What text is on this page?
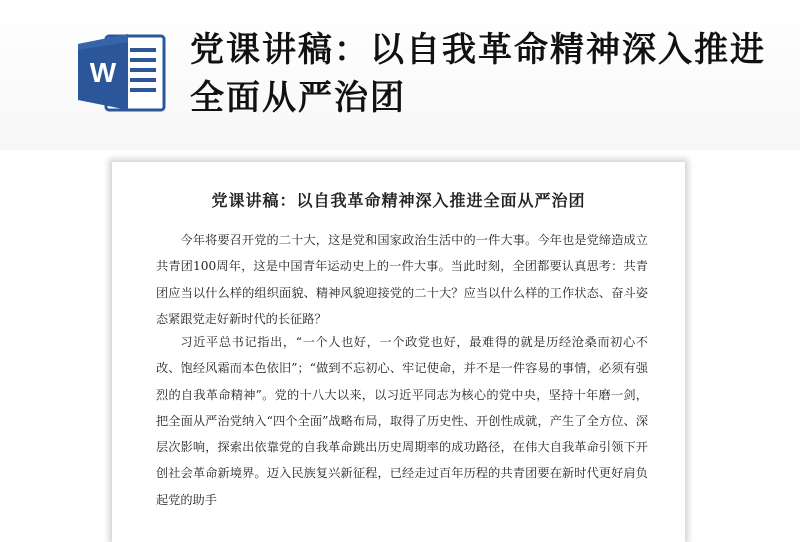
W
党课讲稿：以自我革命精神深入推进全面从严治团
党课讲稿：以自我革命精神深入推进全面从严治团

今年将要召开党的二十大，这是党和国家政治生活中的一件大事。今年也是党缔造成立共青团100周年，这是中国青年运动史上的一件大事。当此时刻，全团都要认真思考：共青团应当以什么样的组织面貌、精神风貌迎接党的二十大？应当以什么样的工作状态、奋斗姿态紧跟党走好新时代的长征路？

习近平总书记指出，“一个人也好，一个政党也好，最难得的就是历经沧桑而初心不改、饱经风霜而本色依旧”；“做到不忘初心、牢记使命，并不是一件容易的事情，必须有强烈的自我革命精神”。党的十八大以来，以习近平同志为核心的党中央，坚持十年磨一剑，把全面从严治党纳入“四个全面”战略布局，取得了历史性、开创性成就，产生了全方位、深层次影响，探索出依靠党的自我革命跳出历史周期率的成功路径，在伟大自我革命引领下开创社会革命新境界。迈入民族复兴新征程，已经走过百年历程的共青团要在新时代更好肩负起党的助手
